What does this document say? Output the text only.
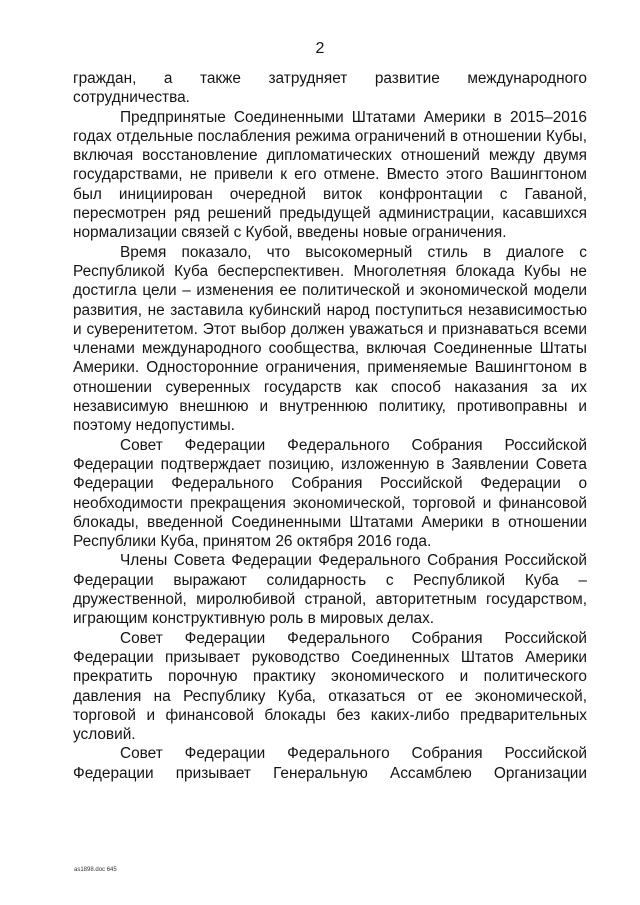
2

граждан, а также затрудняет развитие международного сотрудничества.

Предпринятые Соединенными Штатами Америки в 2015–2016 годах отдельные послабления режима ограничений в отношении Кубы, включая восстановление дипломатических отношений между двумя государствами, не привели к его отмене. Вместо этого Вашингтоном был инициирован очередной виток конфронтации с Гаваной, пересмотрен ряд решений предыдущей администрации, касавшихся нормализации связей с Кубой, введены новые ограничения.

Время показало, что высокомерный стиль в диалоге с Республикой Куба бесперспективен. Многолетняя блокада Кубы не достигла цели – изменения ее политической и экономической модели развития, не заставила кубинский народ поступиться независимостью и суверенитетом. Этот выбор должен уважаться и признаваться всеми членами международного сообщества, включая Соединенные Штаты Америки. Односторонние ограничения, применяемые Вашингтоном в отношении суверенных государств как способ наказания за их независимую внешнюю и внутреннюю политику, противоправны и поэтому недопустимы.

Совет Федерации Федерального Собрания Российской Федерации подтверждает позицию, изложенную в Заявлении Совета Федерации Федерального Собрания Российской Федерации о необходимости прекращения экономической, торговой и финансовой блокады, введенной Соединенными Штатами Америки в отношении Республики Куба, принятом 26 октября 2016 года.

Члены Совета Федерации Федерального Собрания Российской Федерации выражают солидарность с Республикой Куба – дружественной, миролюбивой страной, авторитетным государством, играющим конструктивную роль в мировых делах.

Совет Федерации Федерального Собрания Российской Федерации призывает руководство Соединенных Штатов Америки прекратить порочную практику экономического и политического давления на Республику Куба, отказаться от ее экономической, торговой и финансовой блокады без каких-либо предварительных условий.

Совет Федерации Федерального Собрания Российской Федерации призывает Генеральную Ассамблею Организации

as1898.doc 645
